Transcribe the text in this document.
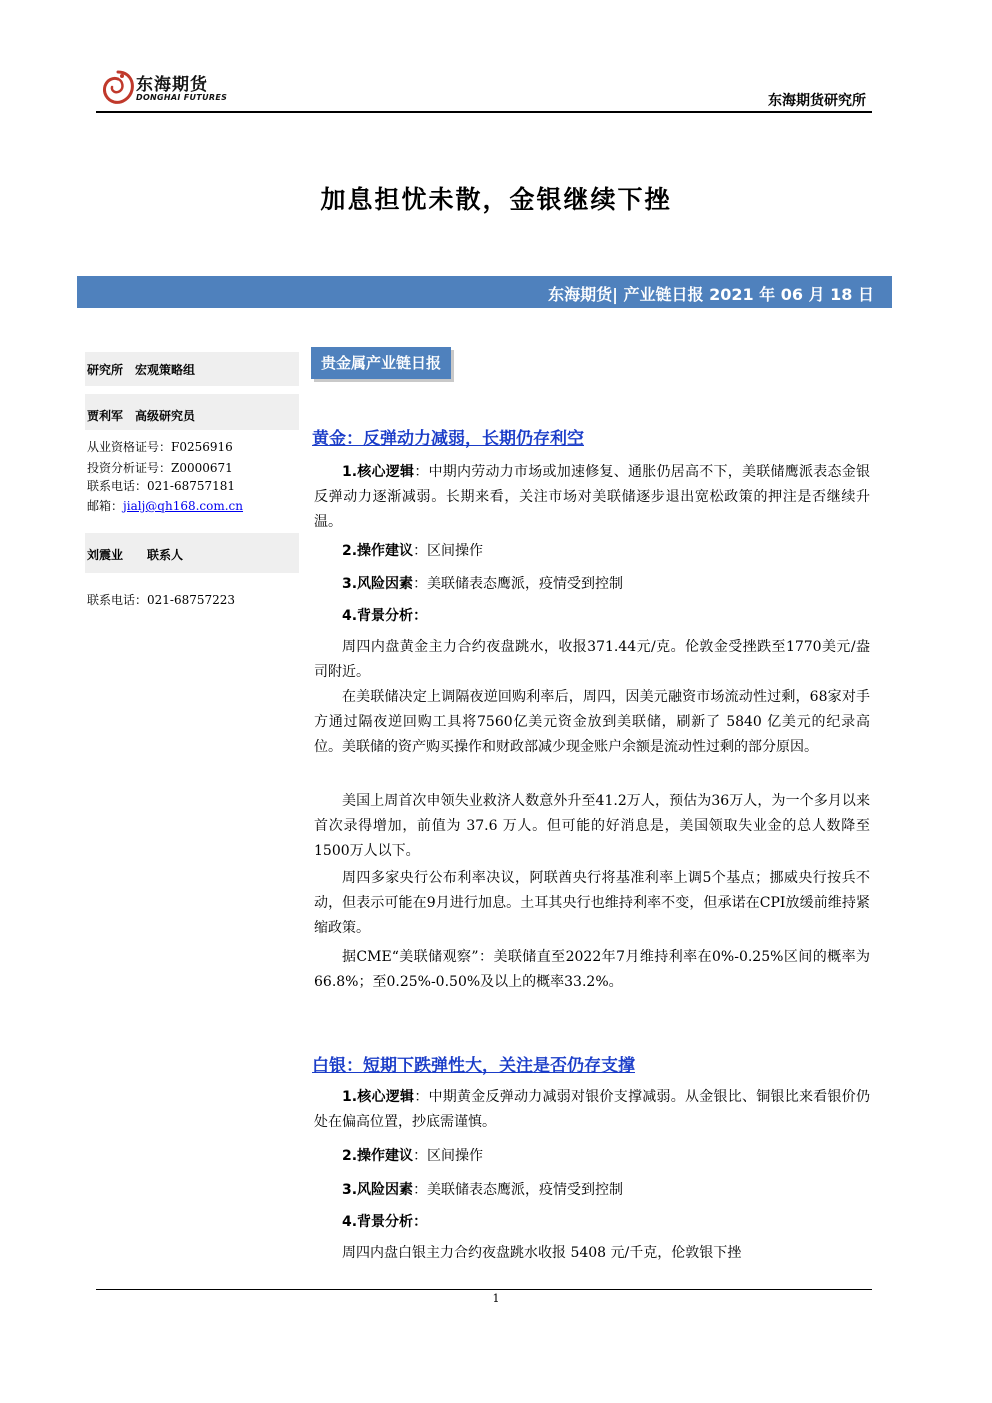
东海期货
DONGHAI FUTURES	东海期货研究所
加息担忧未散，金银继续下挫
东海期货| 产业链日报 2021 年 06 月 18 日
研究所　宏观策略组
贾利军　高级研究员
从业资格证号：F0256916
投资分析证号：Z0000671
联系电话：021-68757181
邮箱：jialj@qh168.com.cn
刘震业　　联系人
联系电话：021-68757223
贵金属产业链日报
黄金：反弹动力减弱，长期仍存利空
1.核心逻辑：中期内劳动力市场或加速修复、通胀仍居高不下，美联储鹰派表态金银反弹动力逐渐减弱。长期来看，关注市场对美联储逐步退出宽松政策的押注是否继续升温。
2.操作建议：区间操作
3.风险因素：美联储表态鹰派，疫情受到控制
4.背景分析：
周四内盘黄金主力合约夜盘跳水，收报371.44元/克。伦敦金受挫跌至1770美元/盎司附近。
在美联储决定上调隔夜逆回购利率后，周四，因美元融资市场流动性过剩，68家对手方通过隔夜逆回购工具将7560亿美元资金放到美联储，刷新了 5840 亿美元的纪录高位。美联储的资产购买操作和财政部减少现金账户余额是流动性过剩的部分原因。
美国上周首次申领失业救济人数意外升至41.2万人，预估为36万人，为一个多月以来首次录得增加，前值为 37.6 万人。但可能的好消息是，美国领取失业金的总人数降至1500万人以下。
周四多家央行公布利率决议，阿联酋央行将基准利率上调5个基点；挪威央行按兵不动，但表示可能在9月进行加息。土耳其央行也维持利率不变，但承诺在CPI放缓前维持紧缩政策。
据CME“美联储观察”：美联储直至2022年7月维持利率在0%-0.25%区间的概率为66.8%；至0.25%-0.50%及以上的概率33.2%。
白银：短期下跌弹性大，关注是否仍存支撑
1.核心逻辑：中期黄金反弹动力减弱对银价支撑减弱。从金银比、铜银比来看银价仍处在偏高位置，抄底需谨慎。
2.操作建议：区间操作
3.风险因素：美联储表态鹰派，疫情受到控制
4.背景分析：
周四内盘白银主力合约夜盘跳水收报 5408 元/千克，伦敦银下挫
1
